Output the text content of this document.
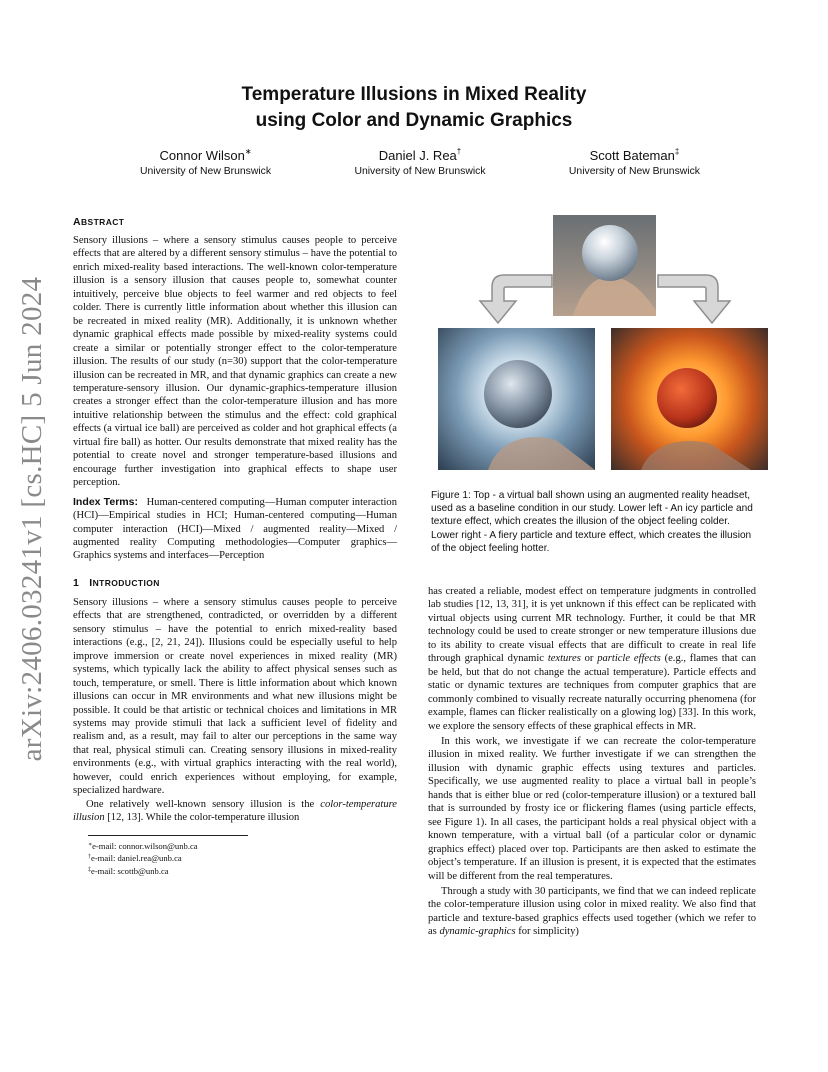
arXiv:2406.03241v1 [cs.HC] 5 Jun 2024
Temperature Illusions in Mixed Reality
using Color and Dynamic Graphics
Connor Wilson∗
University of New Brunswick
Daniel J. Rea†
University of New Brunswick
Scott Bateman‡
University of New Brunswick
ABSTRACT

Sensory illusions – where a sensory stimulus causes people to perceive effects that are altered by a different sensory stimulus – have the potential to enrich mixed-reality based interactions. The well-known color-temperature illusion is a sensory illusion that causes people to, somewhat counter intuitively, perceive blue objects to feel warmer and red objects to feel colder. There is currently little information about whether this illusion can be recreated in mixed reality (MR). Additionally, it is unknown whether dynamic graphical effects made possible by mixed-reality systems could create a similar or potentially stronger effect to the color-temperature illusion. The results of our study (n=30) support that the color-temperature illusion can be recreated in MR, and that dynamic graphics can create a new temperature-sensory illusion. Our dynamic-graphics-temperature illusion creates a stronger effect than the color-temperature illusion and has more intuitive relationship between the stimulus and the effect: cold graphical effects (a virtual ice ball) are perceived as colder and hot graphical effects (a virtual fire ball) as hotter. Our results demonstrate that mixed reality has the potential to create novel and stronger temperature-based illusions and encourage further investigation into graphical effects to shape user perception.

Index Terms: Human-centered computing—Human computer interaction (HCI)—Empirical studies in HCI; Human-centered computing—Human computer interaction (HCI)—Mixed / augmented reality—Mixed / augmented reality Computing methodologies—Computer graphics—Graphics systems and interfaces—Perception

1 INTRODUCTION

Sensory illusions – where a sensory stimulus causes people to perceive effects that are strengthened, contradicted, or overridden by a different sensory stimulus – have the potential to enrich mixed-reality based interactions (e.g., [2, 21, 24]). Illusions could be especially useful to help improve immersion or create novel experiences in mixed reality (MR) systems, which typically lack the ability to affect physical senses such as touch, temperature, or smell. There is little information about which known illusions can occur in MR environments and what new illusions might be possible. It could be that artistic or technical choices and limitations in MR systems may provide stimuli that lack a sufficient level of fidelity and realism and, as a result, may fail to alter our perceptions in the same way that real, physical stimuli can. Creating sensory illusions in mixed-reality environments (e.g., with virtual graphics interacting with the real world), however, could enrich experiences without employing, for example, specialized hardware.

One relatively well-known sensory illusion is the color-temperature illusion [12, 13]. While the color-temperature illusion

∗e-mail: connor.wilson@unb.ca
†e-mail: daniel.rea@unb.ca
‡e-mail: scottb@unb.ca
Figure 1: Top - a virtual ball shown using an augmented reality headset, used as a baseline condition in our study. Lower left - An icy particle and texture effect, which creates the illusion of the object feeling colder. Lower right - A fiery particle and texture effect, which creates the illusion of the object feeling hotter.

has created a reliable, modest effect on temperature judgments in controlled lab studies [12, 13, 31], it is yet unknown if this effect can be replicated with virtual objects using current MR technology. Further, it could be that MR technology could be used to create stronger or new temperature illusions due to its ability to create visual effects that are difficult to create in real life through graphical dynamic textures or particle effects (e.g., flames that can be held, but that do not change the actual temperature). Particle effects and static or dynamic textures are techniques from computer graphics that are commonly combined to visually recreate naturally occurring phenomena (for example, flames can flicker realistically on a glowing log) [33]. In this work, we explore the sensory effects of these graphical effects in MR.

In this work, we investigate if we can recreate the color-temperature illusion in mixed reality. We further investigate if we can strengthen the illusion with dynamic graphic effects using textures and particles. Specifically, we use augmented reality to place a virtual ball in people’s hands that is either blue or red (color-temperature illusion) or a textured ball that is surrounded by frosty ice or flickering flames (using particle effects, see Figure 1). In all cases, the participant holds a real physical object with a known temperature, with a virtual ball (of a particular color or dynamic graphics effect) placed over top. Participants are then asked to estimate the object’s temperature. If an illusion is present, it is expected that the estimates will be different from the real temperatures.

Through a study with 30 participants, we find that we can indeed replicate the color-temperature illusion using color in mixed reality. We also find that particle and texture-based graphics effects used together (which we refer to as dynamic-graphics for simplicity)
